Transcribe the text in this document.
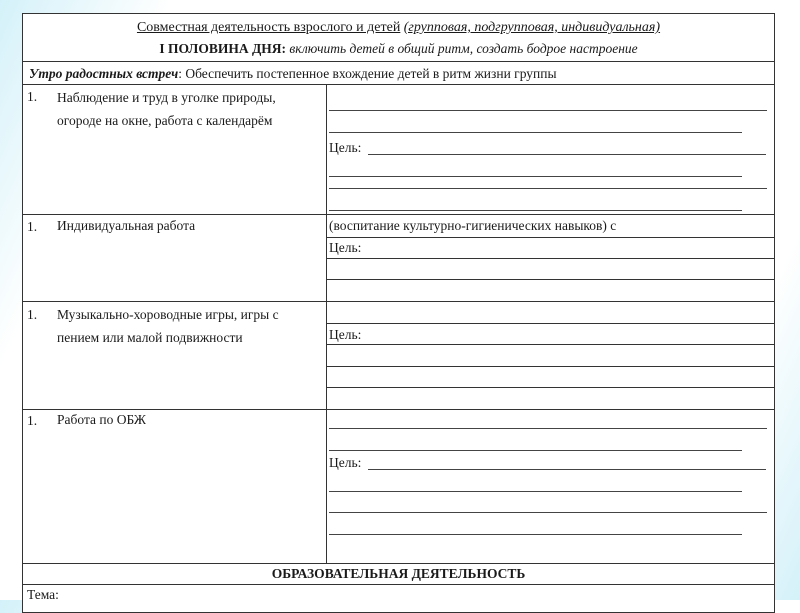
Совместная деятельность взрослого и детей (групповая, подгрупповая, индивидуальная)
I ПОЛОВИНА ДНЯ: включить детей в общий ритм, создать бодрое настроение
Утро радостных встреч: Обеспечить постепенное вхождение детей в ритм жизни группы
1. Наблюдение и труд в уголке природы, огороде на окне, работа с календарём
Цель:
1. Индивидуальная работа	(воспитание культурно-гигиенических навыков) с
Цель:
1. Музыкально-хороводные игры, игры с пением или малой подвижности	Цель:
1. Работа по ОБЖ
Цель:
ОБРАЗОВАТЕЛЬНАЯ ДЕЯТЕЛЬНОСТЬ
Тема:
